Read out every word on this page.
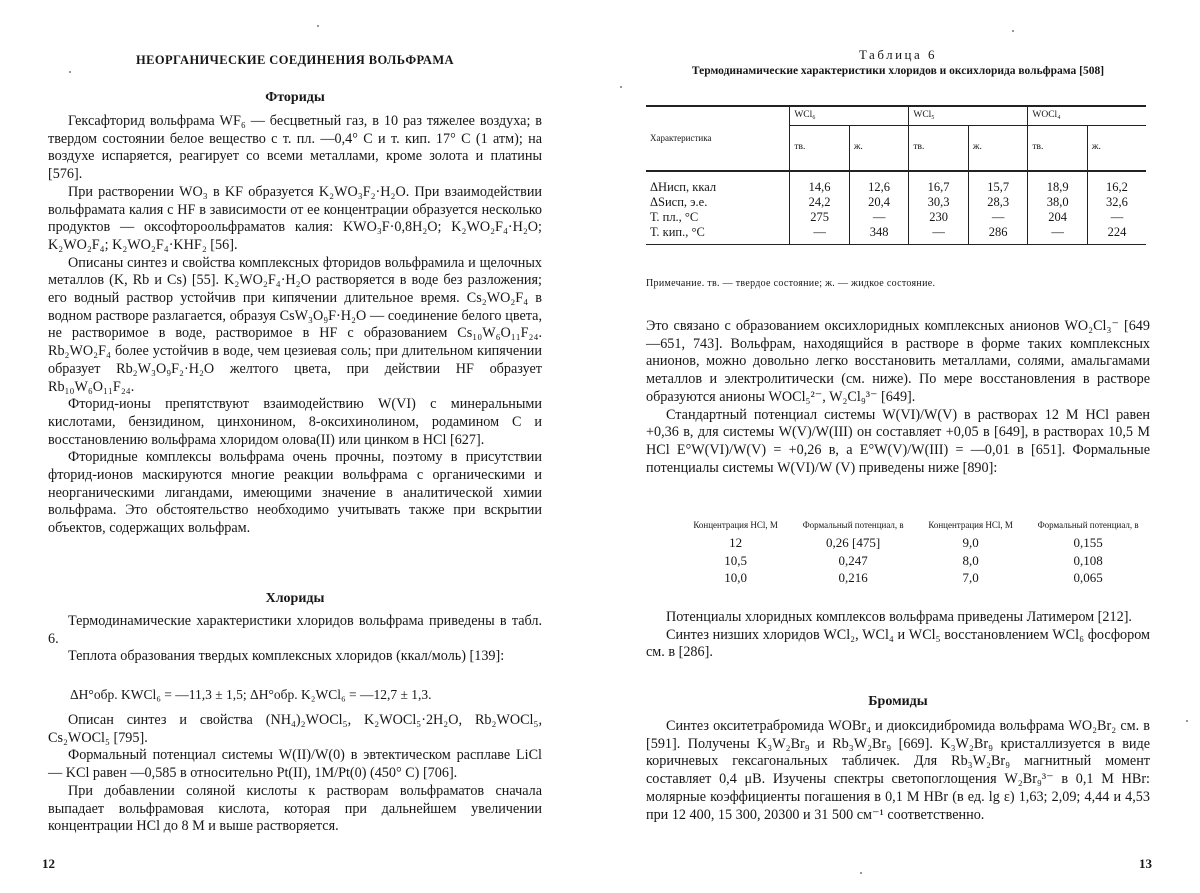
НЕОРГАНИЧЕСКИЕ СОЕДИНЕНИЯ ВОЛЬФРАМА
Фториды

Гексафторид вольфрама WF₆ — бесцветный газ, в 10 раз тяжелее воздуха; в твердом состоянии белое вещество с т. пл. —0,4° С и т. кип. 17° С (1 атм); на воздухе испаряется, реагирует со всеми металлами, кроме золота и платины [576].

При растворении WO₃ в KF образуется K₂WO₃F₂·H₂O. При взаимодействии вольфрамата калия с HF в зависимости от ее концентрации образуется несколько продуктов — оксофтороольфраматов калия: KWO₃F·0,8H₂O; K₂WO₂F₄·H₂O; K₂WO₂F₄; K₂WO₂F₄·KHF₂ [56].

Описаны синтез и свойства комплексных фторидов вольфрамила и щелочных металлов (K, Rb и Cs) [55]. K₂WO₂F₄·H₂O растворяется в воде без разложения; его водный раствор устойчив при кипячении длительное время. Cs₂WO₂F₄ в водном растворе разлагается, образуя CsW₃O₉F·H₂O — соединение белого цвета, не растворимое в воде, растворимое в HF с образованием Cs₁₀W₆O₁₁F₂₄. Rb₂WO₂F₄ более устойчив в воде, чем цезиевая соль; при длительном кипячении образует Rb₂W₃O₉F₂·H₂O желтого цвета, при действии HF образует Rb₁₀W₆O₁₁F₂₄.

Фторид-ионы препятствуют взаимодействию W(VI) с минеральными кислотами, бензидином, цинхонином, 8-оксихинолином, родамином С и восстановлению вольфрама хлоридом олова(II) или цинком в HCl [627].

Фторидные комплексы вольфрама очень прочны, поэтому в присутствии фторид-ионов маскируются многие реакции вольфрама с органическими и неорганическими лигандами, имеющими значение в аналитической химии вольфрама. Это обстоятельство необходимо учитывать также при вскрытии объектов, содержащих вольфрам.

Хлориды

Термодинамические характеристики хлоридов вольфрама приведены в табл. 6.

Теплота образования твердых комплексных хлоридов (ккал/моль) [139]:

ΔH°обр. KWCl₆ = —11,3 ± 1,5; ΔH°обр. K₂WCl₆ = —12,7 ± 1,3.

Описан синтез и свойства (NH₄)₂WOCl₅, K₂WOCl₅·2H₂O, Rb₂WOCl₅, Cs₂WOCl₅ [795].

Формальный потенциал системы W(II)/W(0) в эвтектическом расплаве LiCl — KCl равен —0,585 в относительно Pt(II), 1M/Pt(0) (450° C) [706].

При добавлении соляной кислоты к растворам вольфраматов сначала выпадает вольфрамовая кислота, которая при дальнейшем увеличении концентрации HCl до 8 M и выше растворяется.

12
Таблица 6
Термодинамические характеристики хлоридов и оксихлорида вольфрама [508]
Характеристика	WCl₆		WCl₅		WOCl₄	
	тв.	ж.	тв.	ж.	тв.	ж.
ΔHисп, ккал	14,6	12,6	16,7	15,7	18,9	16,2
ΔSисп, э.е.	24,2	20,4	30,3	28,3	38,0	32,6
Т. пл., °С	275	—	230	—	204	—
Т. кип., °С	—	348	—	286	—	224
Примечание. тв. — твердое состояние; ж. — жидкое состояние.

Это связано с образованием оксихлоридных комплексных анионов WO₂Cl₃⁻ [649—651, 743]. Вольфрам, находящийся в растворе в форме таких комплексных анионов, можно довольно легко восстановить металлами, солями, амальгамами металлов и электролитически (см. ниже). По мере восстановления в растворе образуются анионы WOCl₅²⁻, W₂Cl₉³⁻ [649].

Стандартный потенциал системы W(VI)/W(V) в растворах 12 M HCl равен +0,36 в, для системы W(V)/W(III) он составляет +0,05 в [649], в растворах 10,5 M HCl E°W(VI)/W(V) = +0,26 в, а E°W(V)/W(III) = —0,01 в [651]. Формальные потенциалы системы W(VI)/W (V) приведены ниже [890]:

Концентрация HCl, M	Формальный потенциал, в	Концентрация HCl, M	Формальный потенциал, в
12	0,26 [475]	9,0	0,155
10,5	0,247	8,0	0,108
10,0	0,216	7,0	0,065

Потенциалы хлоридных комплексов вольфрама приведены Латимером [212].

Синтез низших хлоридов WCl₂, WCl₄ и WCl₅ восстановлением WCl₆ фосфором см. в [286].

Бромиды

Синтез окситетрабромида WOBr₄ и диоксидибромида вольфрама WO₂Br₂ см. в [591]. Получены K₃W₂Br₉ и Rb₃W₂Br₉ [669]. K₃W₂Br₉ кристаллизуется в виде коричневых гексагональных табличек. Для Rb₃W₂Br₉ магнитный момент составляет 0,4 μB. Изучены спектры светопоглощения W₂Br₉³⁻ в 0,1 M HBr: молярные коэффициенты погашения в 0,1 M HBr (в ед. lg ε) 1,63; 2,09; 4,44 и 4,53 при 12 400, 15 300, 20300 и 31 500 см⁻¹ соответственно.

13
